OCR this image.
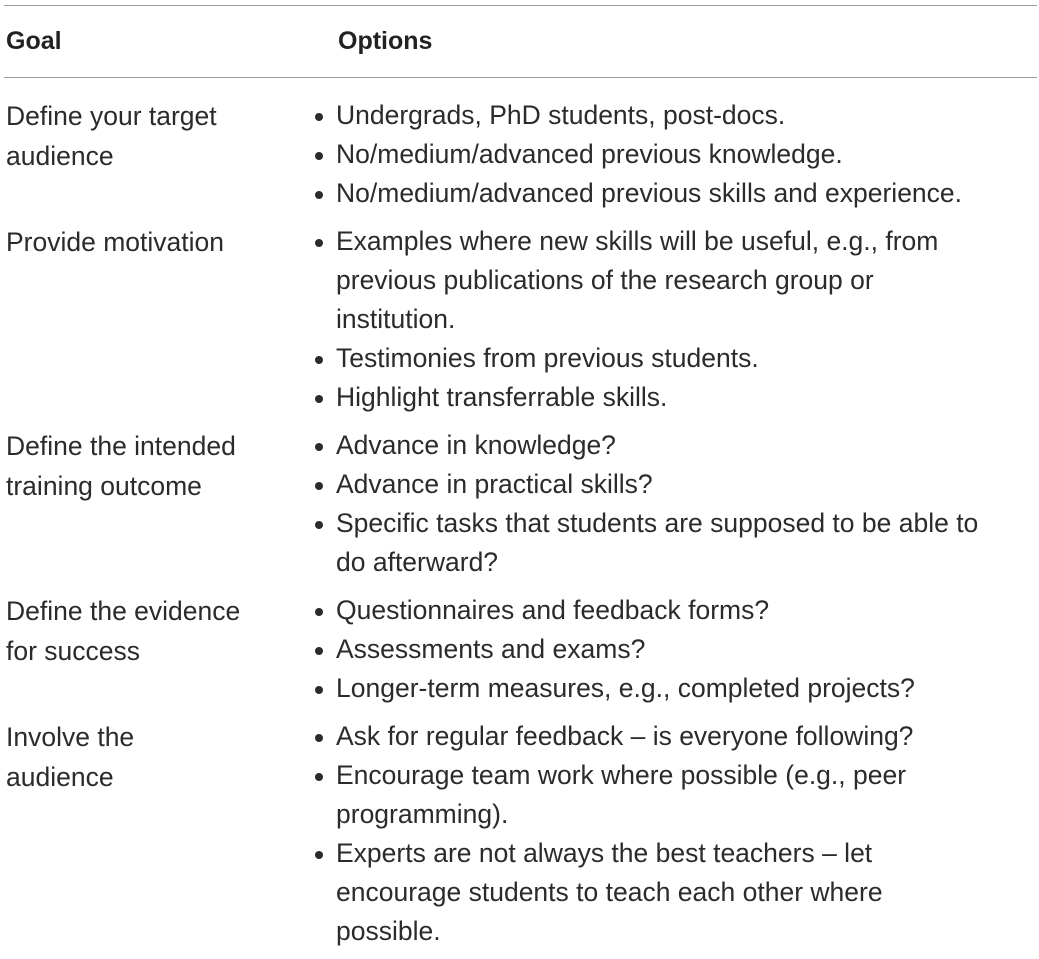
Goal	Options
Define your target
audience
Undergrads, PhD students, post-docs.
No/medium/advanced previous knowledge.
No/medium/advanced previous skills and experience.
Provide motivation	Examples where new skills will be useful, e.g., from
previous publications of the research group or
institution.
Testimonies from previous students.
Highlight transferrable skills.
Define the intended
training outcome
Advance in knowledge?
Advance in practical skills?
Specific tasks that students are supposed to be able to
do afterward?
Define the evidence
for success
Questionnaires and feedback forms?
Assessments and exams?
Longer-term measures, e.g., completed projects?
Involve the
audience
Ask for regular feedback – is everyone following?
Encourage team work where possible (e.g., peer
programming).
Experts are not always the best teachers – let
encourage students to teach each other where
possible.
